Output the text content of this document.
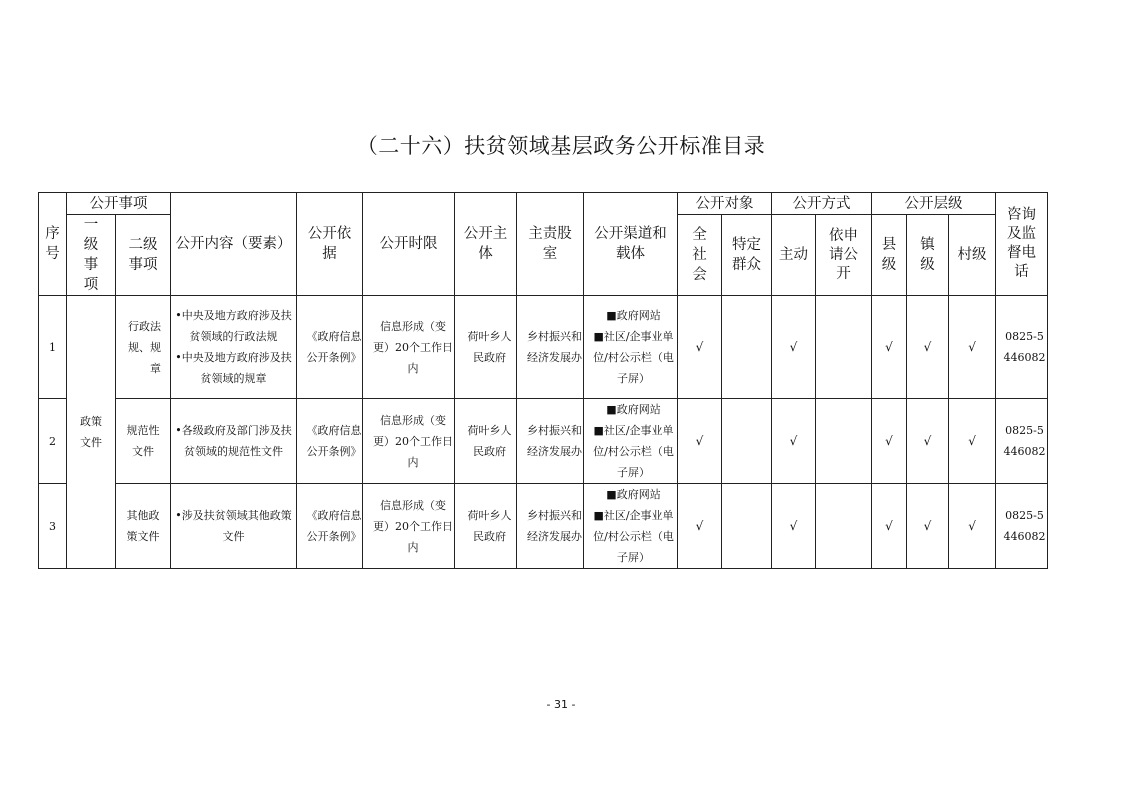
（二十六）扶贫领域基层政务公开标准目录
序号	公开事项		公开内容（要素）	公开依据	公开时限	公开主体	主责股室	公开渠道和载体	公开对象		公开方式		公开层级			咨询及监督电话
	一级事项	二级事项							全社会	特定群众	主动	依申请公开	县级	镇级	村级	
1	政策文件	行政法规、规章	•中央及地方政府涉及扶贫领域的行政法规
•中央及地方政府涉及扶贫领域的规章	《政府信息公开条例》	信息形成（变更）20个工作日内	荷叶乡人民政府	乡村振兴和经济发展办	■政府网站
■社区/企事业单位/村公示栏（电子屏）	√		√		√	√	√	0825-5446082
2		规范性文件	•各级政府及部门涉及扶贫领域的规范性文件	《政府信息公开条例》	信息形成（变更）20个工作日内	荷叶乡人民政府	乡村振兴和经济发展办	■政府网站
■社区/企事业单位/村公示栏（电子屏）	√		√		√	√	√	0825-5446082
3		其他政策文件	•涉及扶贫领域其他政策文件	《政府信息公开条例》	信息形成（变更）20个工作日内	荷叶乡人民政府	乡村振兴和经济发展办	■政府网站
■社区/企事业单位/村公示栏（电子屏）	√		√		√	√	√	0825-5446082
- 31 -
